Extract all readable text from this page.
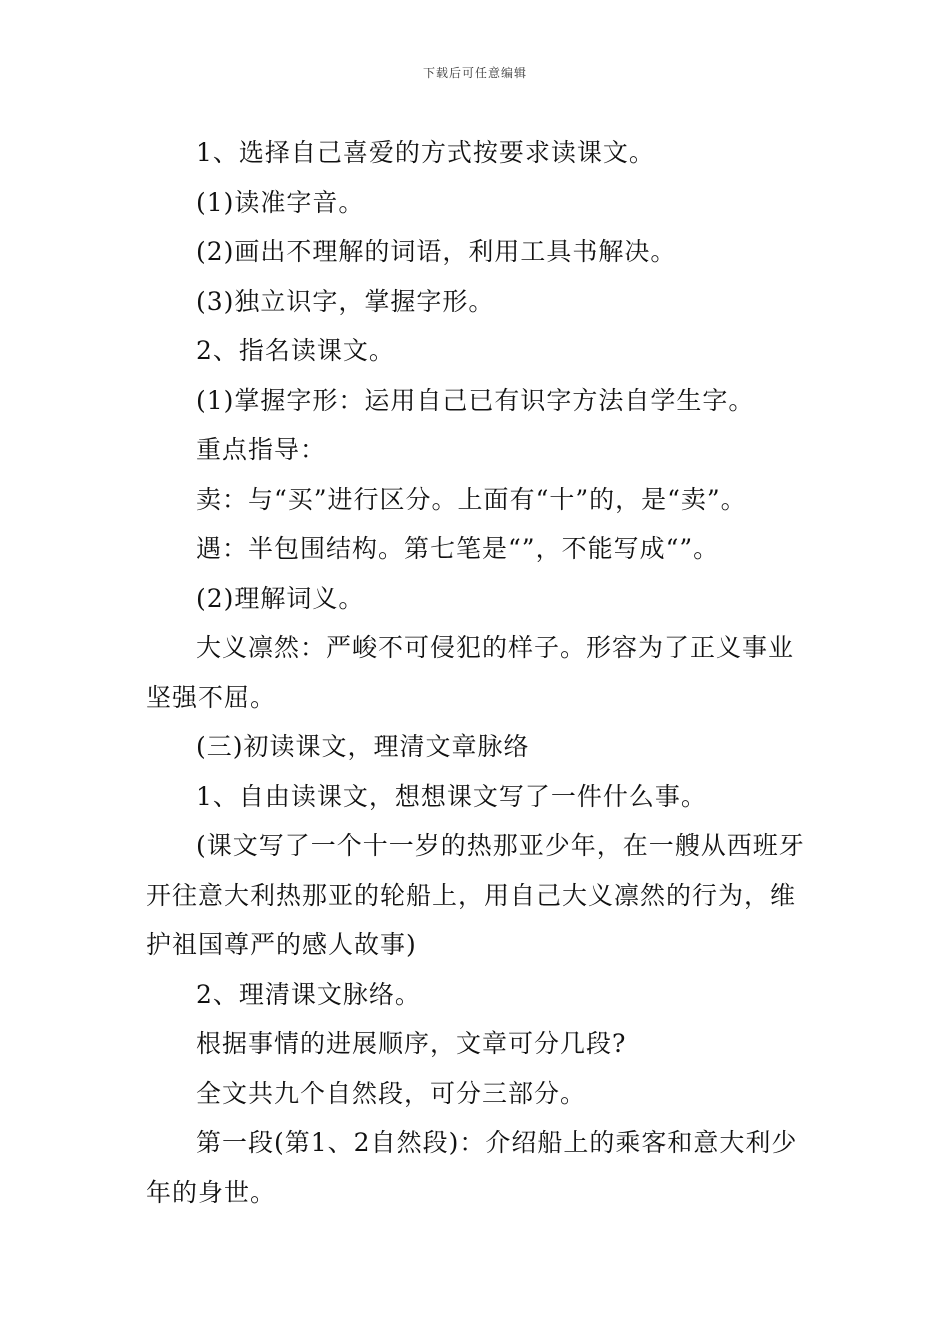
下载后可任意编辑

1、选择自己喜爱的方式按要求读课文。

(1)读准字音。

(2)画出不理解的词语，利用工具书解决。

(3)独立识字，掌握字形。

2、指名读课文。

(1)掌握字形：运用自己已有识字方法自学生字。

重点指导：

卖：与“买”进行区分。上面有“十”的，是“卖”。

遇：半包围结构。第七笔是“”，不能写成“”。

(2)理解词义。

大义凛然：严峻不可侵犯的样子。形容为了正义事业坚强不屈。

(三)初读课文，理清文章脉络

1、自由读课文，想想课文写了一件什么事。

(课文写了一个十一岁的热那亚少年，在一艘从西班牙开往意大利热那亚的轮船上，用自己大义凛然的行为，维护祖国尊严的感人故事)

2、理清课文脉络。

根据事情的进展顺序，文章可分几段?

全文共九个自然段，可分三部分。

第一段(第1、2自然段)：介绍船上的乘客和意大利少年的身世。
